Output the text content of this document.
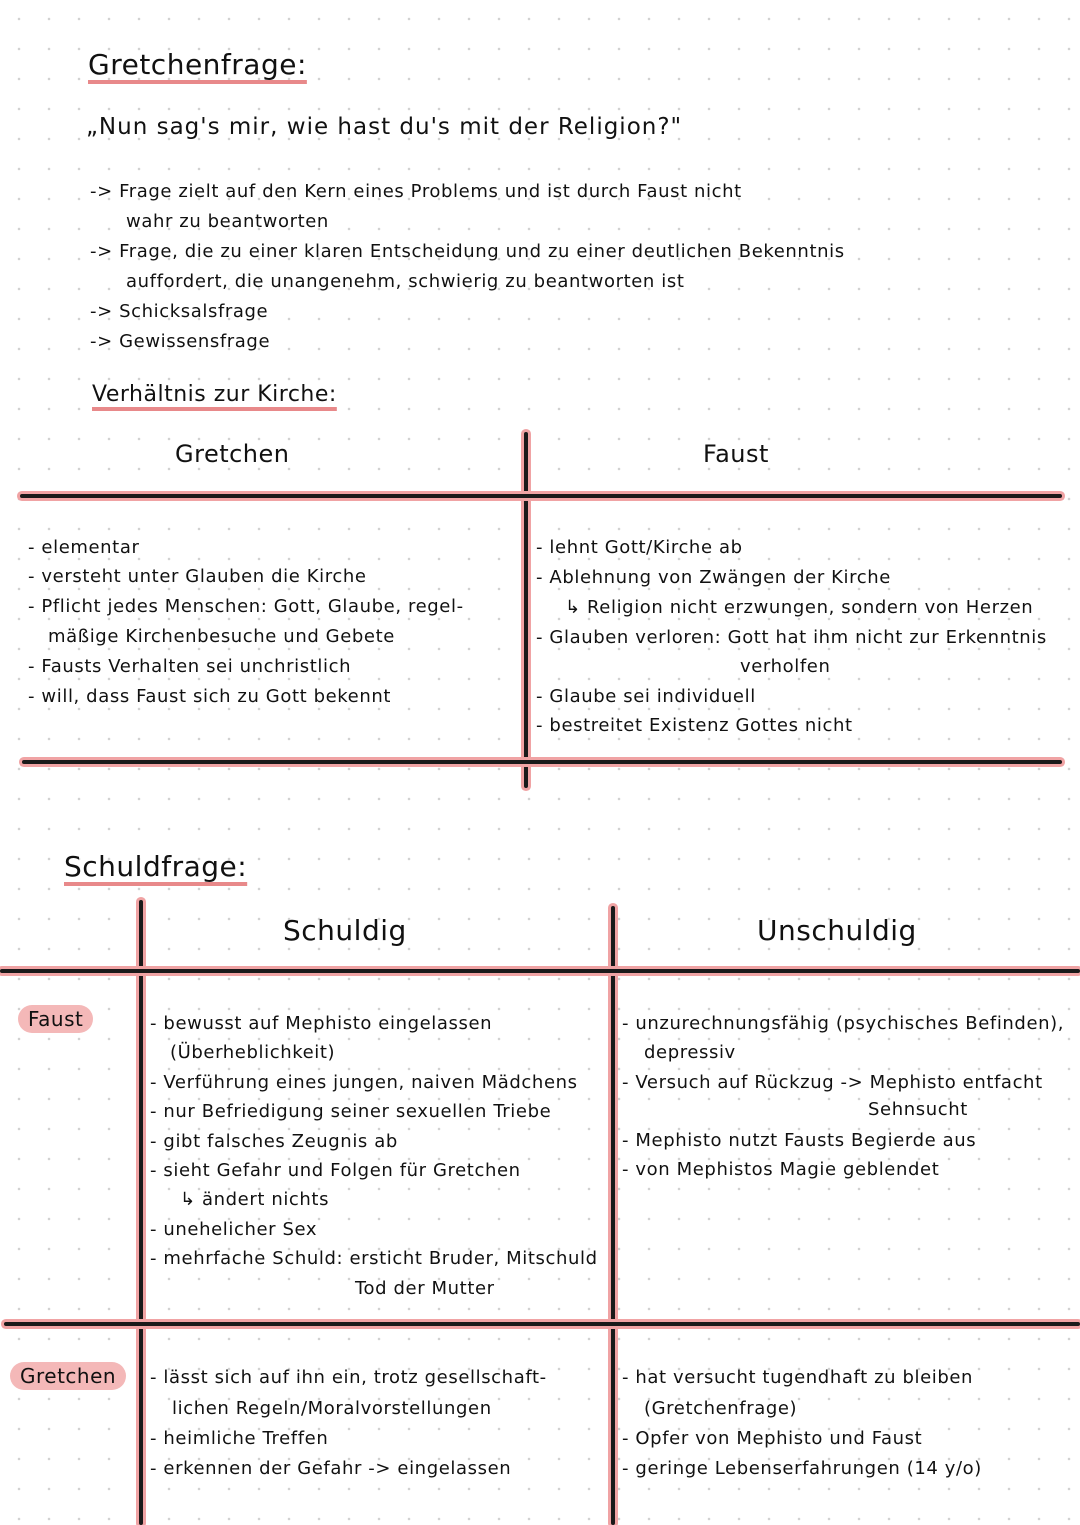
Gretchenfrage:
„Nun sag's mir, wie hast du's mit der Religion?"
-> Frage zielt auf den Kern eines Problems und ist durch Faust nicht
wahr zu beantworten
-> Frage, die zu einer klaren Entscheidung und zu einer deutlichen Bekenntnis
auffordert, die unangenehm, schwierig zu beantworten ist
-> Schicksalsfrage
-> Gewissensfrage
Verhältnis zur Kirche:
Gretchen	Faust
- elementar
- versteht unter Glauben die Kirche
- Pflicht jedes Menschen: Gott, Glaube, regel-
mäßige Kirchenbesuche und Gebete
- Fausts Verhalten sei unchristlich
- will, dass Faust sich zu Gott bekennt
- lehnt Gott/Kirche ab
- Ablehnung von Zwängen der Kirche
↳ Religion nicht erzwungen, sondern von Herzen
- Glauben verloren: Gott hat ihm nicht zur Erkenntnis
verholfen
- Glaube sei individuell
- bestreitet Existenz Gottes nicht
Schuldfrage:
Schuldig	Unschuldig
Faust
Gretchen
- bewusst auf Mephisto eingelassen
(Überheblichkeit)
- Verführung eines jungen, naiven Mädchens
- nur Befriedigung seiner sexuellen Triebe
- gibt falsches Zeugnis ab
- sieht Gefahr und Folgen für Gretchen
↳ ändert nichts
- unehelicher Sex
- mehrfache Schuld: ersticht Bruder, Mitschuld
Tod der Mutter
- unzurechnungsfähig (psychisches Befinden),
depressiv
- Versuch auf Rückzug -> Mephisto entfacht
Sehnsucht
- Mephisto nutzt Fausts Begierde aus
- von Mephistos Magie geblendet
- lässt sich auf ihn ein, trotz gesellschaft-
lichen Regeln/Moralvorstellungen
- heimliche Treffen
- erkennen der Gefahr -> eingelassen
- hat versucht tugendhaft zu bleiben
(Gretchenfrage)
- Opfer von Mephisto und Faust
- geringe Lebenserfahrungen (14 y/o)
